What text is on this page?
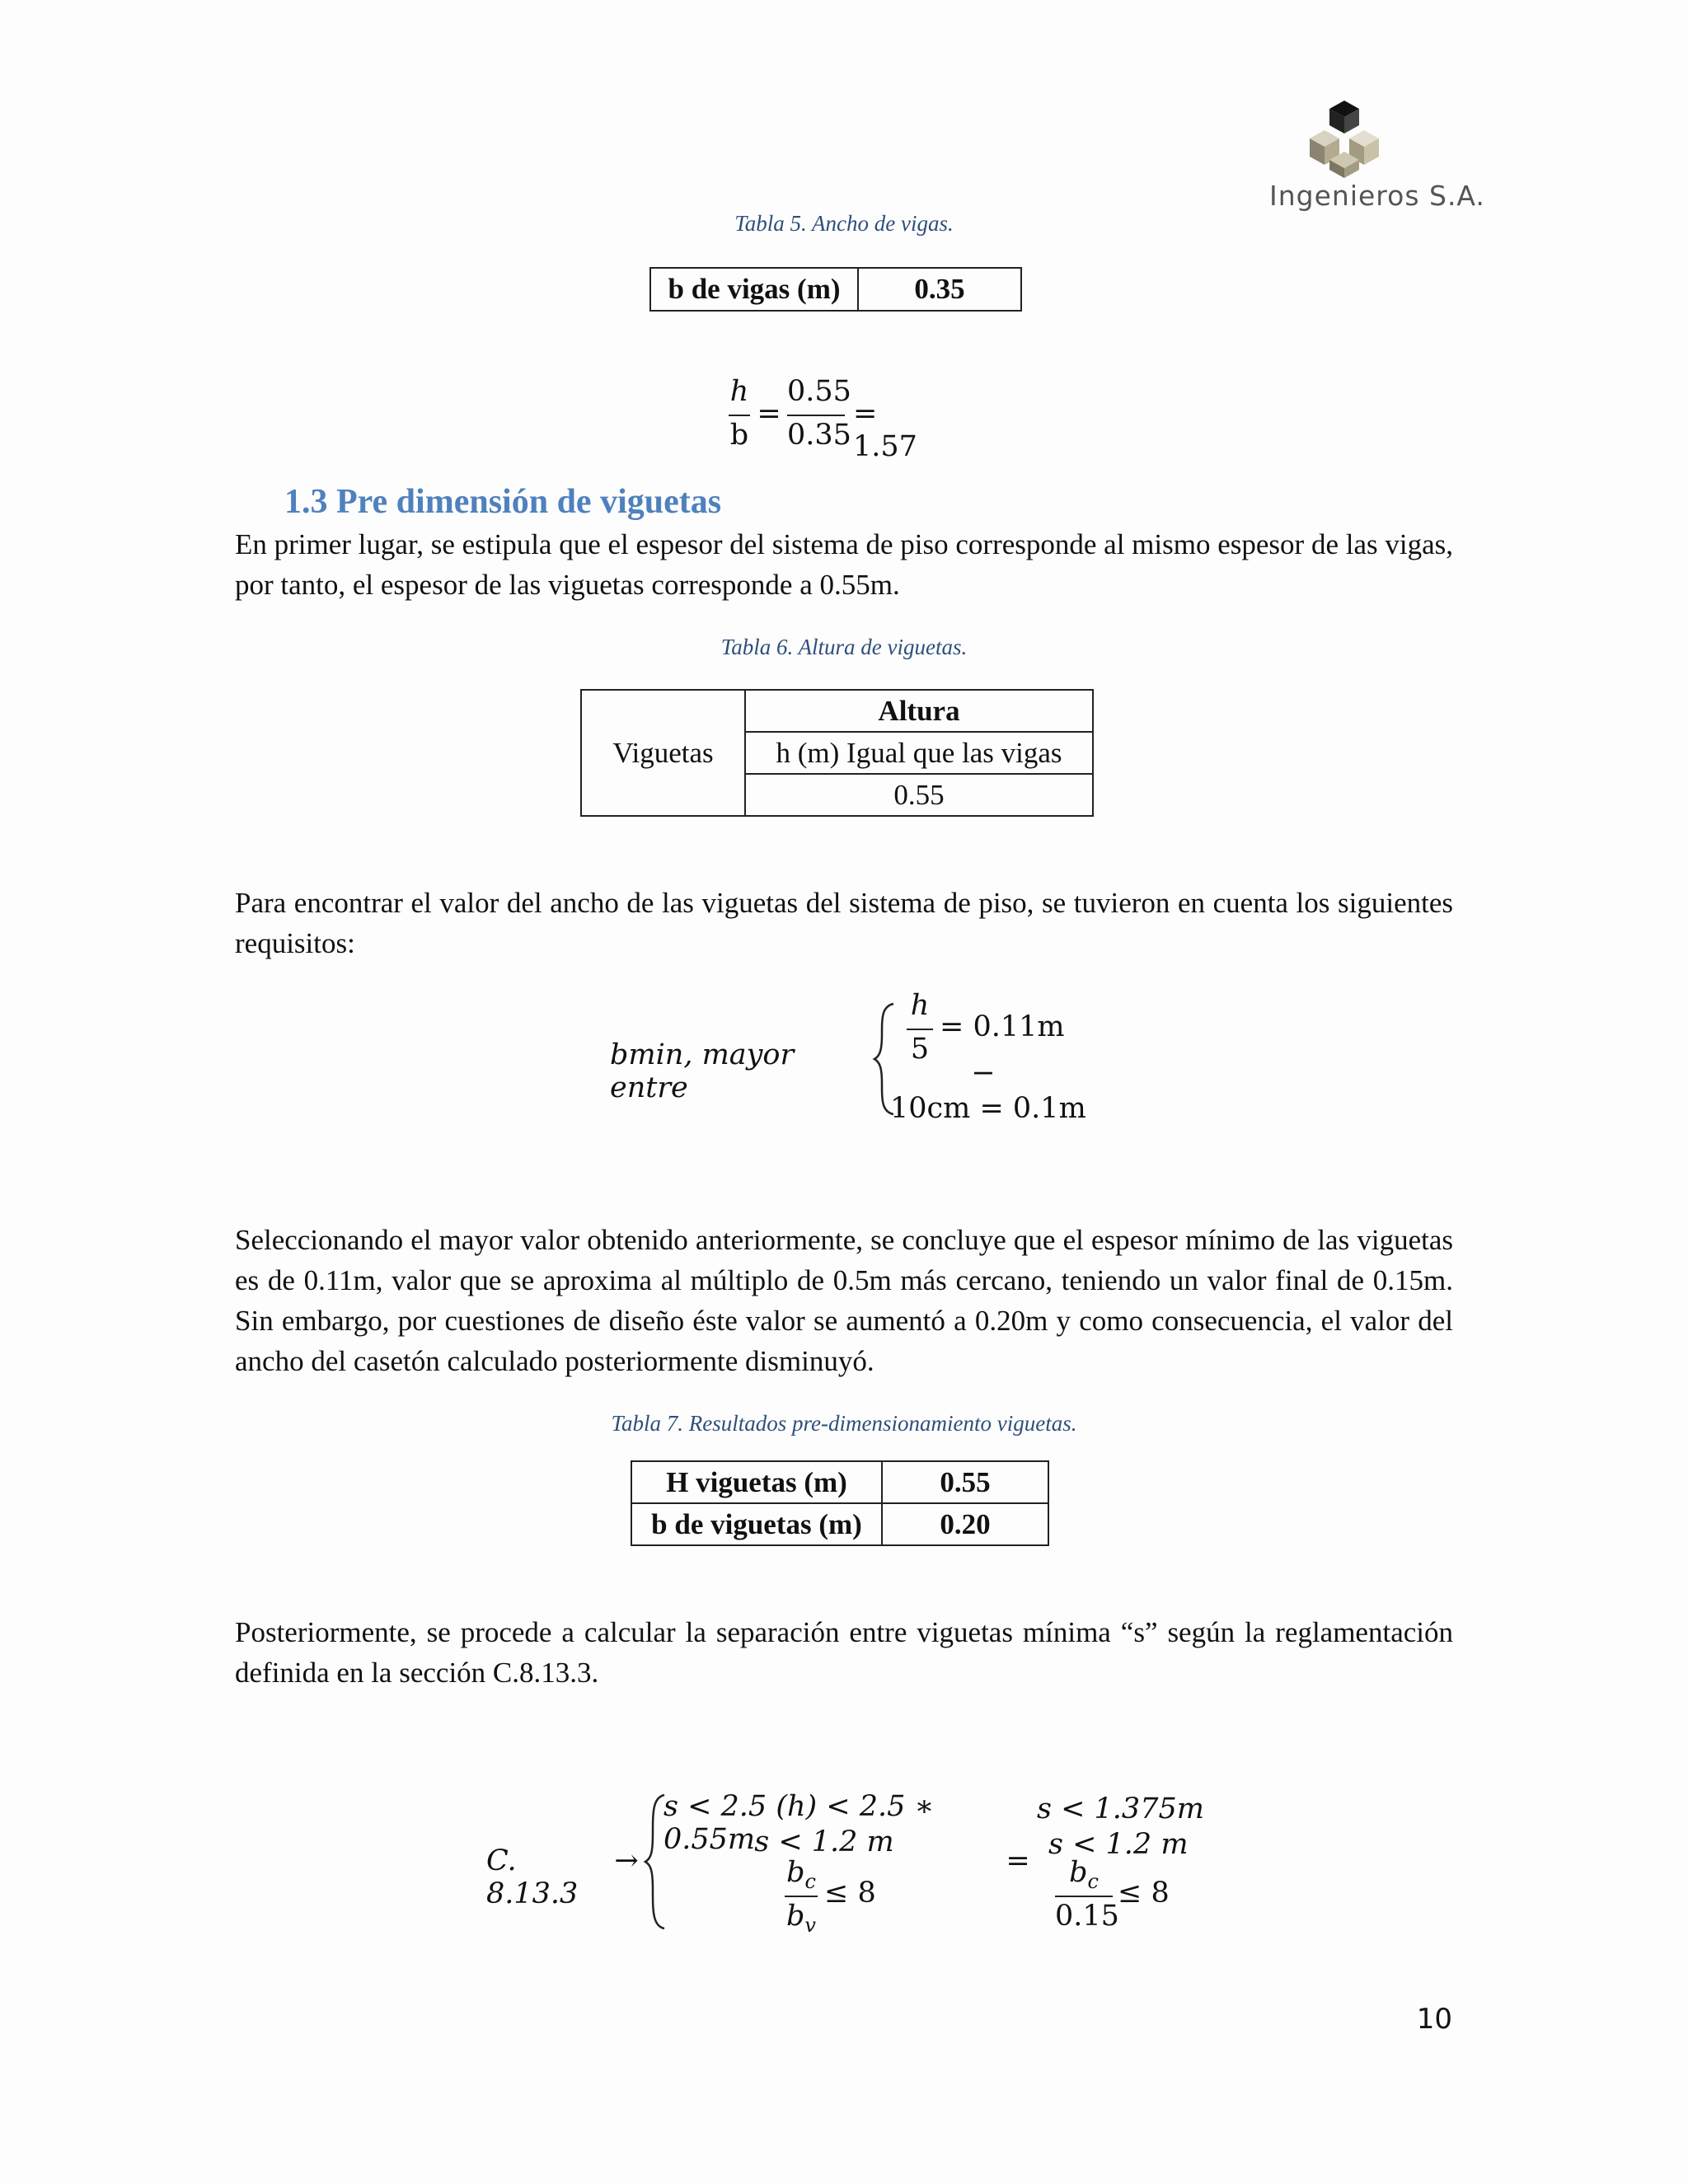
Ingenieros S.A.
Tabla 5. Ancho de vigas.
b de vigas (m)	0.35
h
b
=
0.55
0.35
= 1.57
1.3 Pre dimensión de viguetas

En primer lugar, se estipula que el espesor del sistema de piso corresponde al mismo espesor de las vigas, por tanto, el espesor de las viguetas corresponde a 0.55m.

Tabla 6. Altura de viguetas.
Viguetas	Altura
h (m) Igual que las vigas
0.55

Para encontrar el valor del ancho de las viguetas del sistema de piso, se tuvieron en cuenta los siguientes requisitos:

bmin, mayor entre
h
5
= 0.11m
−
10cm = 0.1m

Seleccionando el mayor valor obtenido anteriormente, se concluye que el espesor mínimo de las viguetas es de 0.11m, valor que se aproxima al múltiplo de 0.5m más cercano, teniendo un valor final de 0.15m. Sin embargo, por cuestiones de diseño éste valor se aumentó a 0.20m y como consecuencia, el valor del ancho del casetón calculado posteriormente disminuyó.

Tabla 7. Resultados pre-dimensionamiento viguetas.
H viguetas (m)	0.55
b de viguetas (m)	0.20

Posteriormente, se procede a calcular la separación entre viguetas mínima “s” según la reglamentación definida en la sección C.8.13.3.

C. 8.13.3
→
s < 2.5 (h) < 2.5 ∗ 0.55m s < 1.2 m
$b_c$
$b_v$
≤ 8
=
s < 1.375m
s < 1.2 m
$b_c$
0.15
≤ 8
10
